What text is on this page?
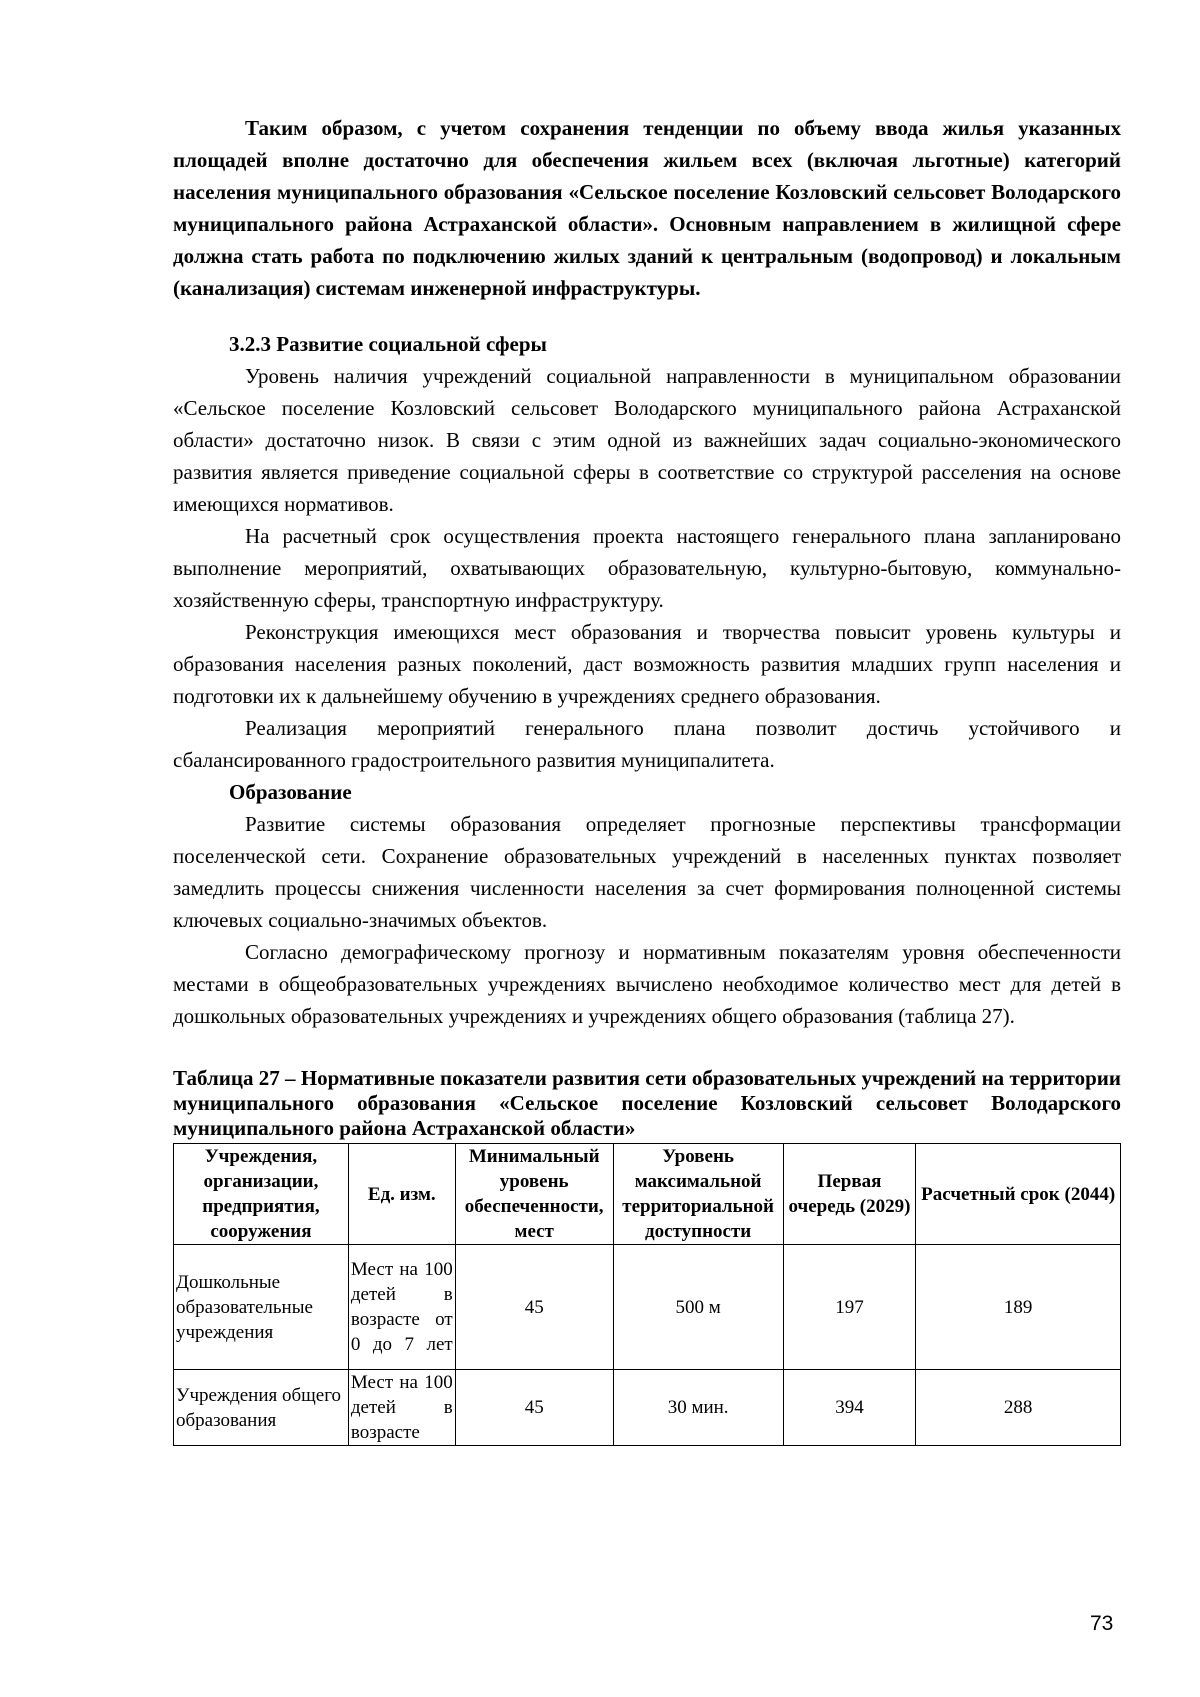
Таким образом, с учетом сохранения тенденции по объему ввода жилья указанных площадей вполне достаточно для обеспечения жильем всех (включая льготные) категорий населения муниципального образования «Сельское поселение Козловский сельсовет Володарского муниципального района Астраханской области». Основным направлением в жилищной сфере должна стать работа по подключению жилых зданий к центральным (водопровод) и локальным (канализация) системам инженерной инфраструктуры.

3.2.3 Развитие социальной сферы

Уровень наличия учреждений социальной направленности в муниципальном образовании «Сельское поселение Козловский сельсовет Володарского муниципального района Астраханской области» достаточно низок. В связи с этим одной из важнейших задач социально-экономического развития является приведение социальной сферы в соответствие со структурой расселения на основе имеющихся нормативов.

На расчетный срок осуществления проекта настоящего генерального плана запланировано выполнение мероприятий, охватывающих образовательную, культурно-бытовую, коммунально-хозяйственную сферы, транспортную инфраструктуру.

Реконструкция имеющихся мест образования и творчества повысит уровень культуры и образования населения разных поколений, даст возможность развития младших групп населения и подготовки их к дальнейшему обучению в учреждениях среднего образования.

Реализация мероприятий генерального плана позволит достичь устойчивого и сбалансированного градостроительного развития муниципалитета.

Образование

Развитие системы образования определяет прогнозные перспективы трансформации поселенческой сети. Сохранение образовательных учреждений в населенных пунктах позволяет замедлить процессы снижения численности населения за счет формирования полноценной системы ключевых социально-значимых объектов.

Согласно демографическому прогнозу и нормативным показателям уровня обеспеченности местами в общеобразовательных учреждениях вычислено необходимое количество мест для детей в дошкольных образовательных учреждениях и учреждениях общего образования (таблица 27).

Таблица 27 – Нормативные показатели развития сети образовательных учреждений на территории муниципального образования «Сельское поселение Козловский сельсовет Володарского муниципального района Астраханской области»
Учреждения, организации, предприятия, сооружения	Ед. изм.	Минимальный уровень обеспеченности, мест	Уровень максимальной территориальной доступности	Первая очередь (2029)	Расчетный срок (2044)
Дошкольные образовательные учреждения	Мест на 100 детей в возрасте от 0 до 7 лет	45	500 м	197	189
Учреждения общего образования	Мест на 100 детей в возрасте	45	30 мин.	394	288
73
